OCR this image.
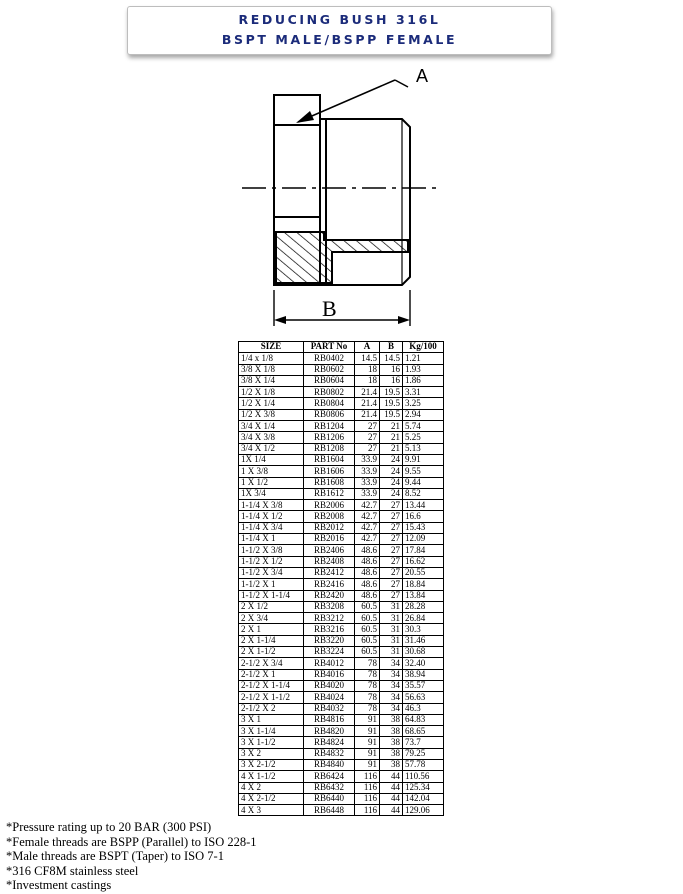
REDUCING BUSH 316L
BSPT MALE/BSPP FEMALE
A
B
SIZE	PART No	A	B	Kg/100
1/4 x 1/8	RB0402	14.5	14.5	1.21
3/8 X 1/8	RB0602	18	16	1.93
3/8 X 1/4	RB0604	18	16	1.86
1/2 X 1/8	RB0802	21.4	19.5	3.31
1/2 X 1/4	RB0804	21.4	19.5	3.25
1/2 X 3/8	RB0806	21.4	19.5	2.94
3/4 X 1/4	RB1204	27	21	5.74
3/4 X 3/8	RB1206	27	21	5.25
3/4 X 1/2	RB1208	27	21	5.13
1X 1/4	RB1604	33.9	24	9.91
1 X 3/8	RB1606	33.9	24	9.55
1 X 1/2	RB1608	33.9	24	9.44
1X 3/4	RB1612	33.9	24	8.52
1-1/4 X 3/8	RB2006	42.7	27	13.44
1-1/4 X 1/2	RB2008	42.7	27	16.6
1-1/4 X 3/4	RB2012	42.7	27	15.43
1-1/4 X 1	RB2016	42.7	27	12.09
1-1/2 X 3/8	RB2406	48.6	27	17.84
1-1/2 X 1/2	RB2408	48.6	27	16.62
1-1/2 X 3/4	RB2412	48.6	27	20.55
1-1/2 X 1	RB2416	48.6	27	18.84
1-1/2 X 1-1/4	RB2420	48.6	27	13.84
2 X 1/2	RB3208	60.5	31	28.28
2 X 3/4	RB3212	60.5	31	26.84
2 X 1	RB3216	60.5	31	30.3
2 X 1-1/4	RB3220	60.5	31	31.46
2 X 1-1/2	RB3224	60.5	31	30.68
2-1/2 X 3/4	RB4012	78	34	32.40
2-1/2 X 1	RB4016	78	34	38.94
2-1/2 X 1-1/4	RB4020	78	34	35.57
2-1/2 X 1-1/2	RB4024	78	34	56.63
2-1/2 X 2	RB4032	78	34	46.3
3 X 1	RB4816	91	38	64.83
3 X 1-1/4	RB4820	91	38	68.65
3 X 1-1/2	RB4824	91	38	73.7
3 X 2	RB4832	91	38	79.25
3 X 2-1/2	RB4840	91	38	57.78
4 X 1-1/2	RB6424	116	44	110.56
4 X 2	RB6432	116	44	125.34
4 X 2-1/2	RB6440	116	44	142.04
4 X 3	RB6448	116	44	129.06
*Pressure rating up to 20 BAR (300 PSI)
*Female threads are BSPP (Parallel) to ISO 228-1
*Male threads are BSPT (Taper) to ISO 7-1
*316 CF8M stainless steel
*Investment castings
